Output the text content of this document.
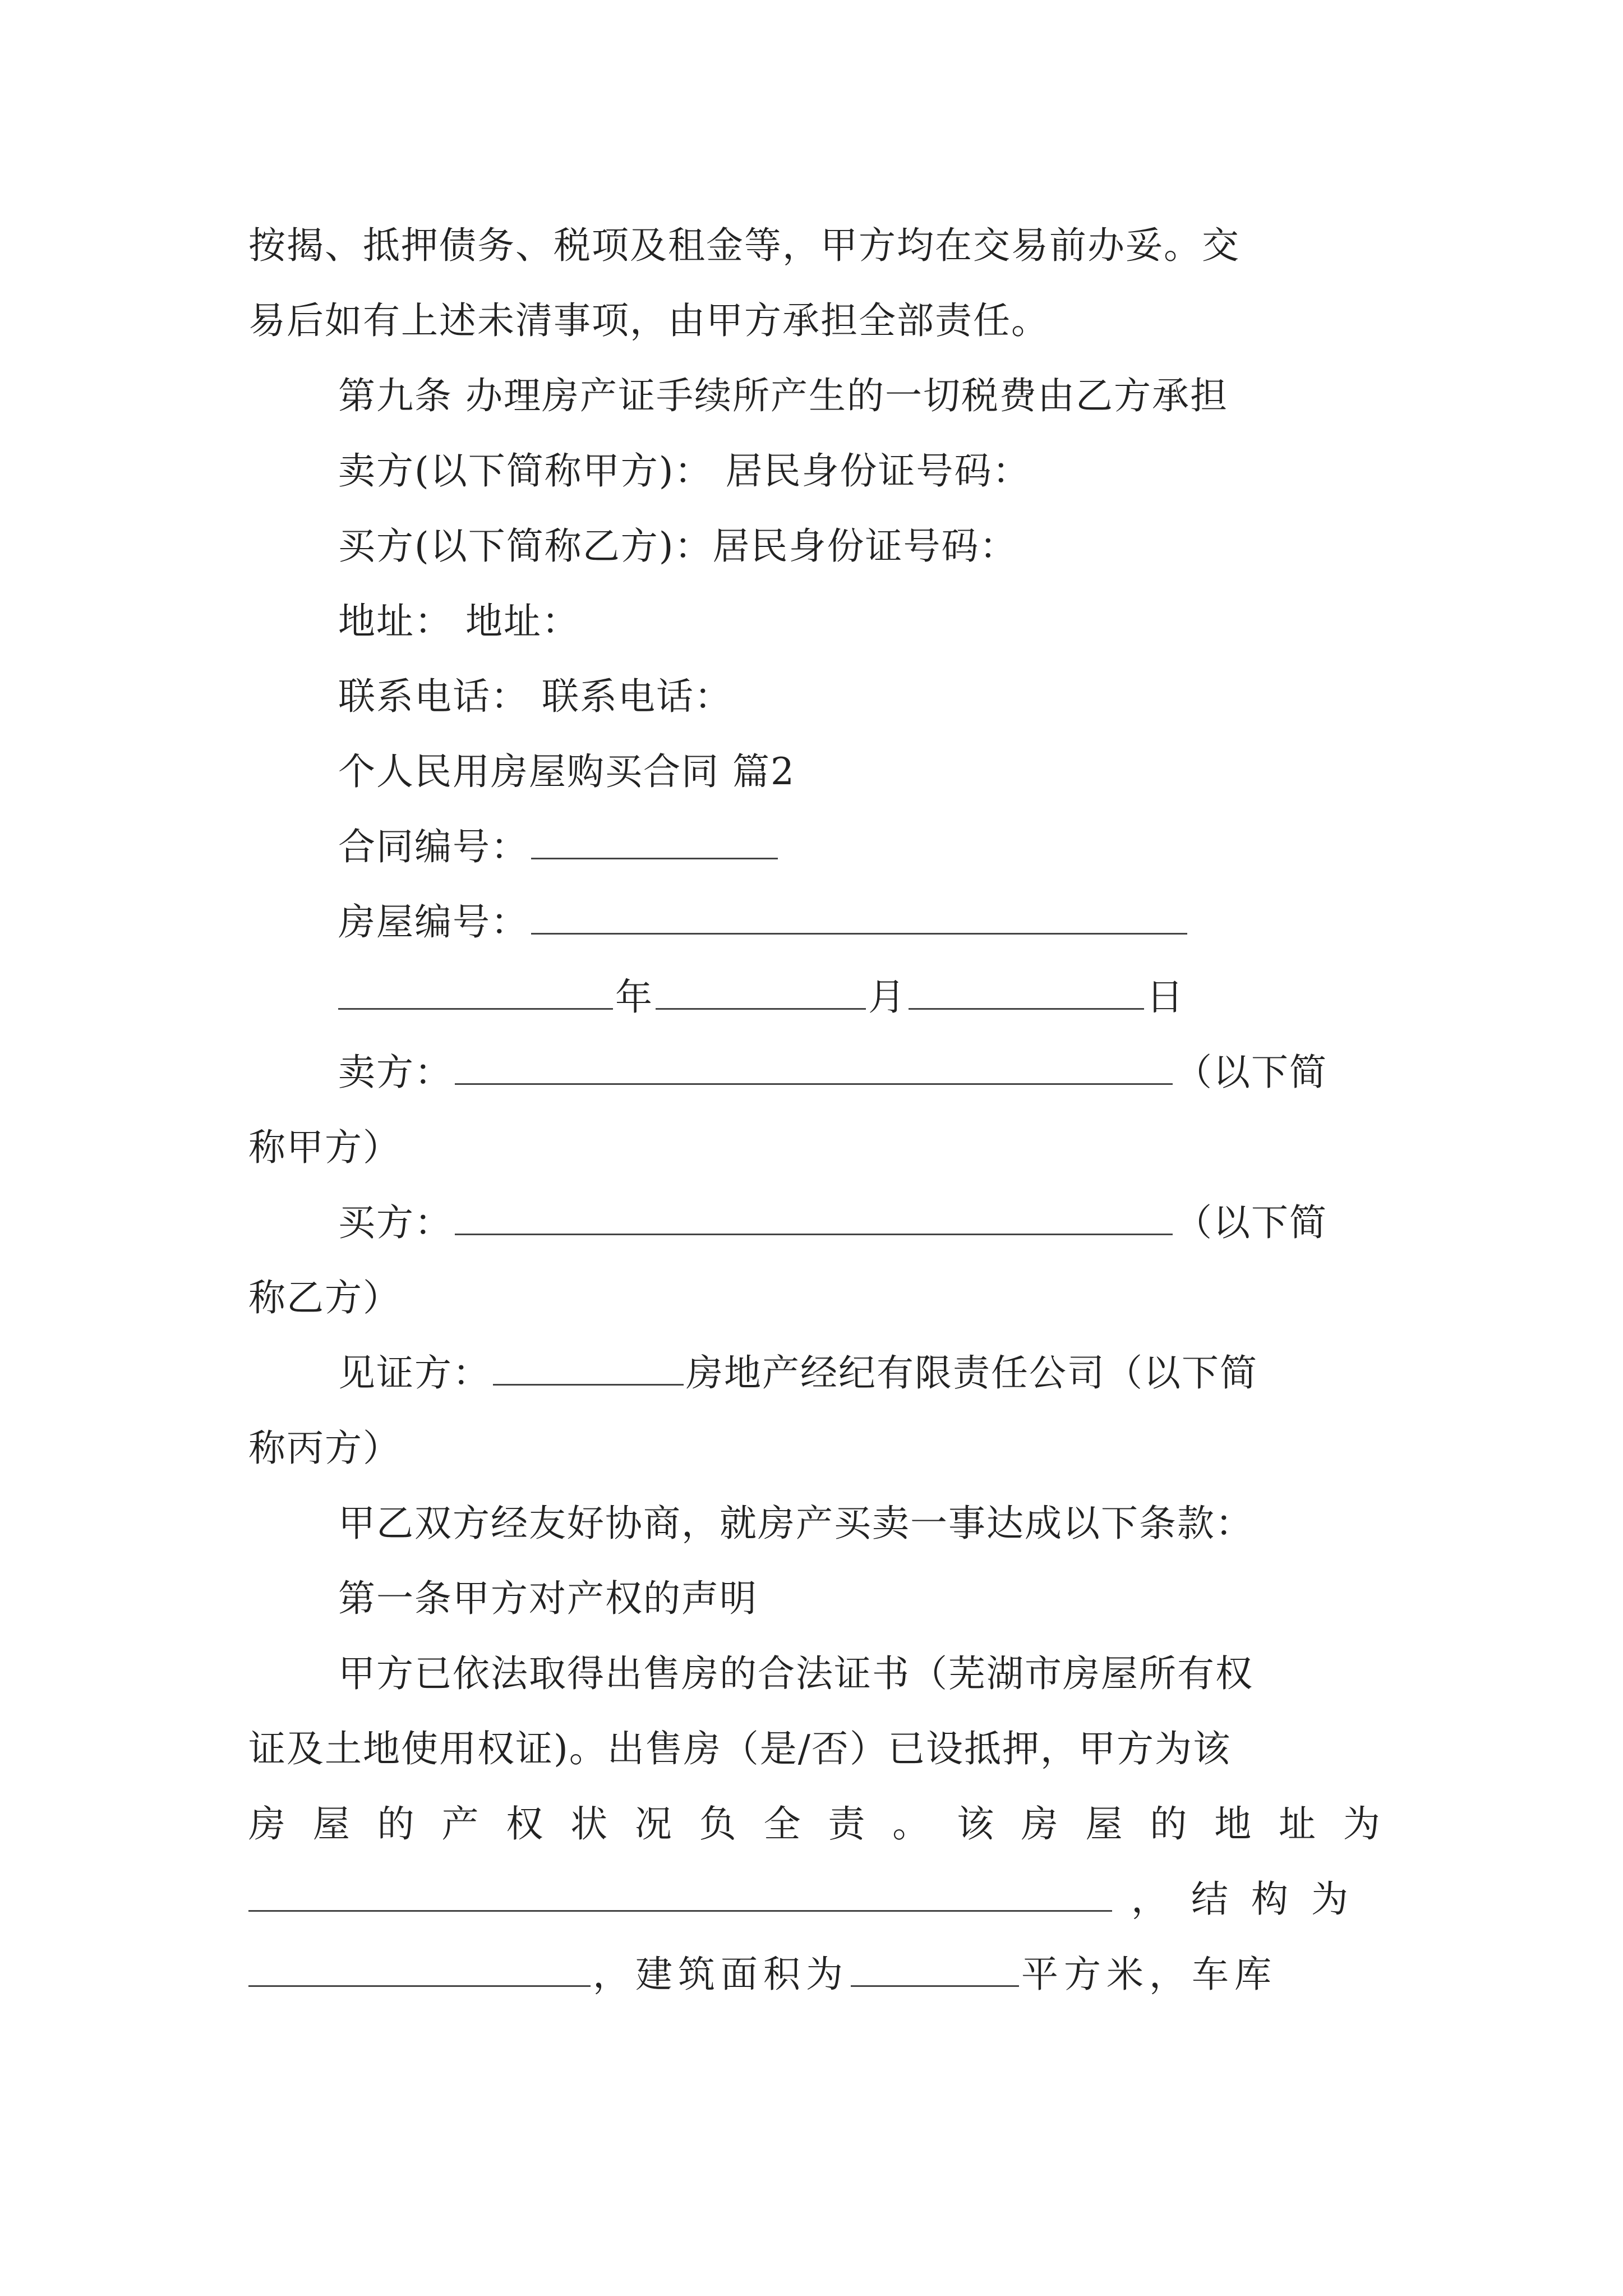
按揭、抵押债务、税项及租金等，甲方均在交易前办妥。交
易后如有上述未清事项，由甲方承担全部责任。
第九条 办理房产证手续所产生的一切税费由乙方承担
卖方(以下简称甲方)： 居民身份证号码：
买方(以下简称乙方)：居民身份证号码：
地址： 地址：
联系电话： 联系电话：
个人民用房屋购买合同 篇2
合同编号：
房屋编号：
年	月	日
卖方：	（以下简
称甲方）
买方：	（以下简
称乙方）
见证方：	房地产经纪有限责任公司（以下简
称丙方）
甲乙双方经友好协商，就房产买卖一事达成以下条款：
第一条甲方对产权的声明
甲方已依法取得出售房的合法证书（芜湖市房屋所有权
证及土地使用权证)。出售房（是/否）已设抵押，甲方为该
房 屋 的 产 权 状 况 负 全 责 。 该 房 屋 的 地 址 为
， 结 构 为
，建筑面积为	平方米，车库
